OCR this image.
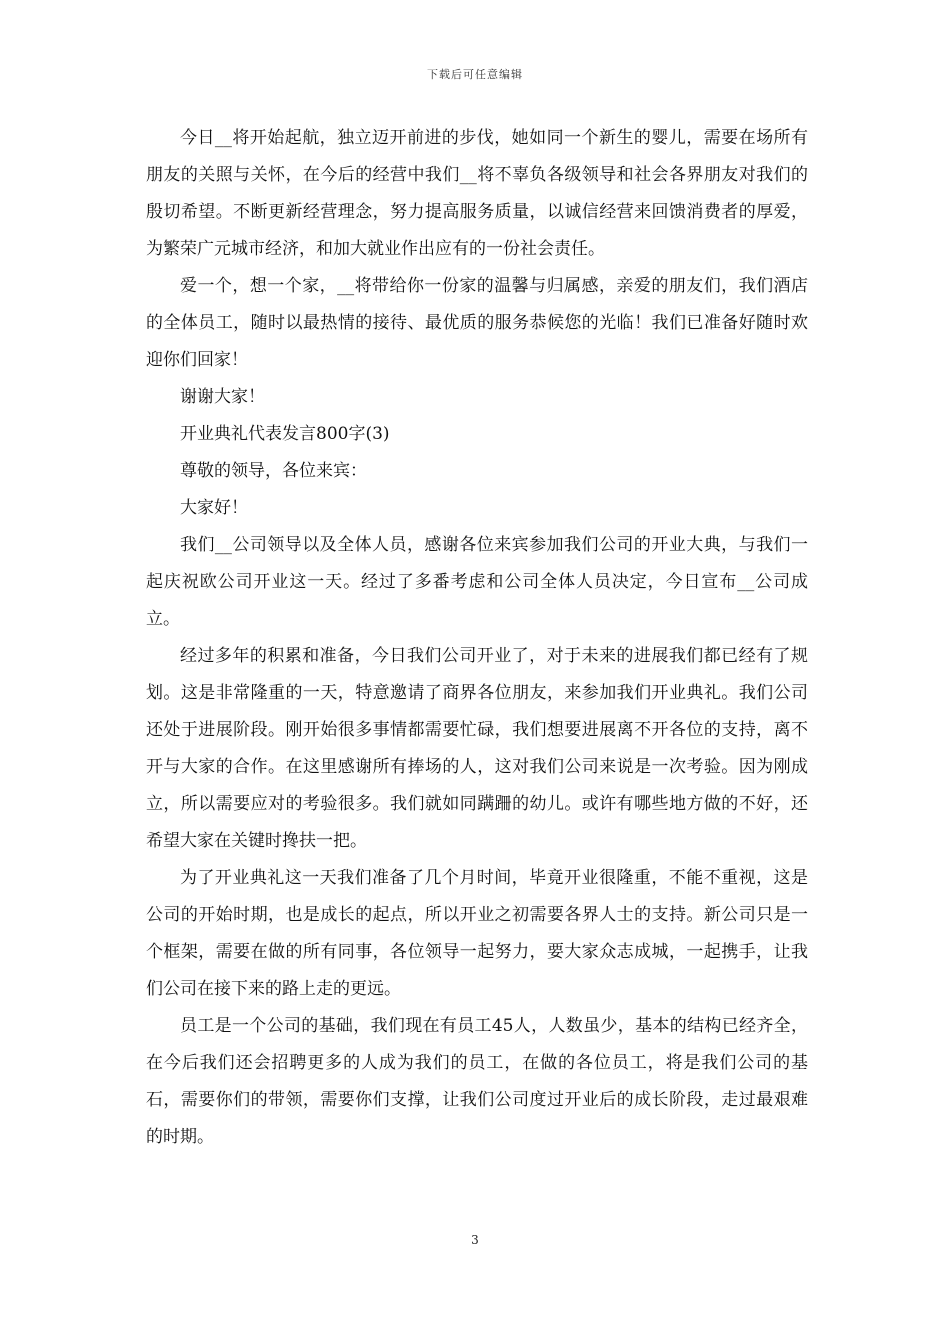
下载后可任意编辑

今日__将开始起航，独立迈开前进的步伐，她如同一个新生的婴儿，需要在场所有朋友的关照与关怀，在今后的经营中我们__将不辜负各级领导和社会各界朋友对我们的殷切希望。不断更新经营理念，努力提高服务质量，以诚信经营来回馈消费者的厚爱，为繁荣广元城市经济，和加大就业作出应有的一份社会责任。

爱一个，想一个家，__将带给你一份家的温馨与归属感，亲爱的朋友们，我们酒店的全体员工，随时以最热情的接待、最优质的服务恭候您的光临！我们已准备好随时欢迎你们回家！

谢谢大家！

开业典礼代表发言800字(3)

尊敬的领导，各位来宾：

大家好！

我们__公司领导以及全体人员，感谢各位来宾参加我们公司的开业大典，与我们一起庆祝欧公司开业这一天。经过了多番考虑和公司全体人员决定，今日宣布__公司成立。

经过多年的积累和准备，今日我们公司开业了，对于未来的进展我们都已经有了规划。这是非常隆重的一天，特意邀请了商界各位朋友，来参加我们开业典礼。我们公司还处于进展阶段。刚开始很多事情都需要忙碌，我们想要进展离不开各位的支持，离不开与大家的合作。在这里感谢所有捧场的人，这对我们公司来说是一次考验。因为刚成立，所以需要应对的考验很多。我们就如同蹒跚的幼儿。或许有哪些地方做的不好，还希望大家在关键时搀扶一把。

为了开业典礼这一天我们准备了几个月时间，毕竟开业很隆重，不能不重视，这是公司的开始时期，也是成长的起点，所以开业之初需要各界人士的支持。新公司只是一个框架，需要在做的所有同事，各位领导一起努力，要大家众志成城，一起携手，让我们公司在接下来的路上走的更远。

员工是一个公司的基础，我们现在有员工45人，人数虽少，基本的结构已经齐全，在今后我们还会招聘更多的人成为我们的员工，在做的各位员工，将是我们公司的基石，需要你们的带领，需要你们支撑，让我们公司度过开业后的成长阶段，走过最艰难的时期。

3
